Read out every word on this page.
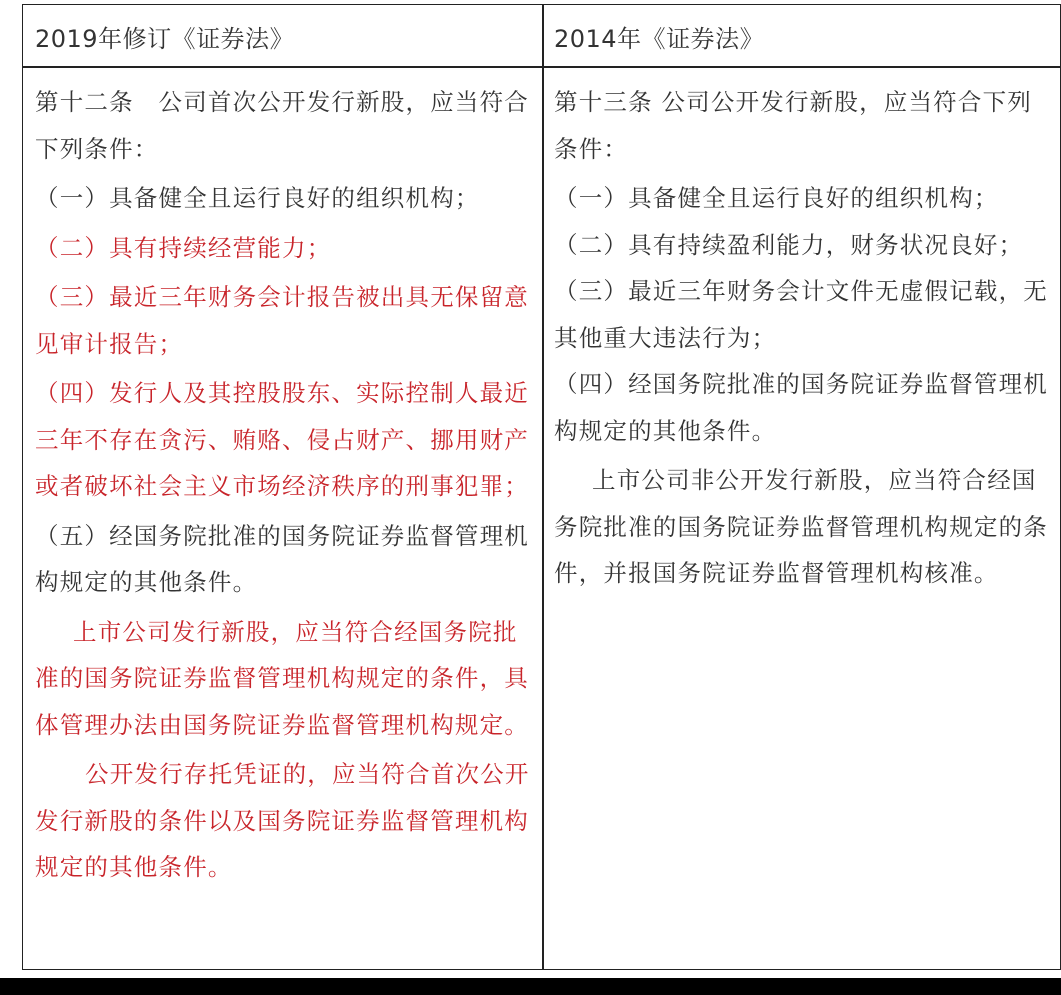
2019年修订《证券法》	2014年《证券法》

第十二条　公司首次公开发行新股，应当符合下列条件：

（一）具备健全且运行良好的组织机构；

（二）具有持续经营能力；

（三）最近三年财务会计报告被出具无保留意见审计报告；

（四）发行人及其控股股东、实际控制人最近三年不存在贪污、贿赂、侵占财产、挪用财产或者破坏社会主义市场经济秩序的刑事犯罪；

（五）经国务院批准的国务院证券监督管理机构规定的其他条件。

上市公司发行新股，应当符合经国务院批准的国务院证券监督管理机构规定的条件，具体管理办法由国务院证券监督管理机构规定。

公开发行存托凭证的，应当符合首次公开发行新股的条件以及国务院证券监督管理机构规定的其他条件。

第十三条 公司公开发行新股，应当符合下列条件：

（一）具备健全且运行良好的组织机构；

（二）具有持续盈利能力，财务状况良好；

（三）最近三年财务会计文件无虚假记载，无其他重大违法行为；

（四）经国务院批准的国务院证券监督管理机构规定的其他条件。

上市公司非公开发行新股，应当符合经国务院批准的国务院证券监督管理机构规定的条件，并报国务院证券监督管理机构核准。
